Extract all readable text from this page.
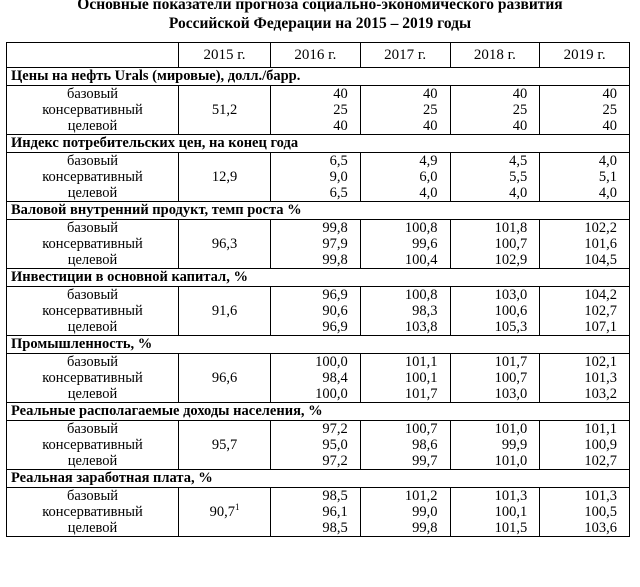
Основные показатели прогноза социально-экономического развития
Российской Федерации на 2015 – 2019 годы
	2015 г.	2016 г.	2017 г.	2018 г.	2019 г.
Цены на нефть Urals (мировые), долл./барр.					
базовый	51,2	40	40	40	40
консервативный		25	25	25	25
целевой		40	40	40	40
Индекс потребительских цен, на конец года					
базовый	12,9	6,5	4,9	4,5	4,0
консервативный		9,0	6,0	5,5	5,1
целевой		6,5	4,0	4,0	4,0
Валовой внутренний продукт, темп роста %					
базовый	96,3	99,8	100,8	101,8	102,2
консервативный		97,9	99,6	100,7	101,6
целевой		99,8	100,4	102,9	104,5
Инвестиции в основной капитал, %					
базовый	91,6	96,9	100,8	103,0	104,2
консервативный		90,6	98,3	100,6	102,7
целевой		96,9	103,8	105,3	107,1
Промышленность, %					
базовый	96,6	100,0	101,1	101,7	102,1
консервативный		98,4	100,1	100,7	101,3
целевой		100,0	101,7	103,0	103,2
Реальные располагаемые доходы населения, %					
базовый	95,7	97,2	100,7	101,0	101,1
консервативный		95,0	98,6	99,9	100,9
целевой		97,2	99,7	101,0	102,7
Реальная заработная плата, %					
базовый	90,7$^1$	98,5	101,2	101,3	101,3
консервативный		96,1	99,0	100,1	100,5
целевой		98,5	99,8	101,5	103,6
